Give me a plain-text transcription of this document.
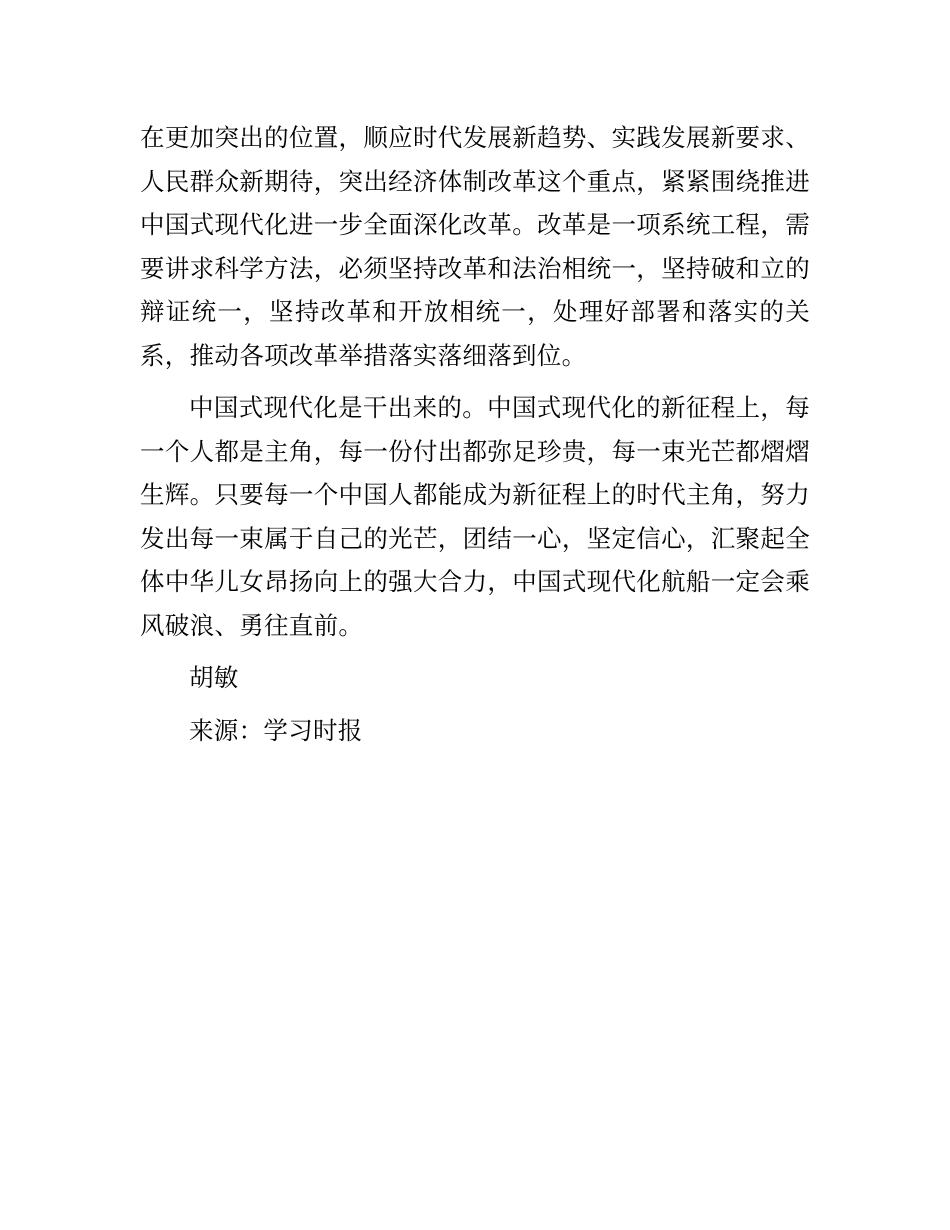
在更加突出的位置，顺应时代发展新趋势、实践发展新要求、
人民群众新期待，突出经济体制改革这个重点，紧紧围绕推进
中国式现代化进一步全面深化改革。改革是一项系统工程，需
要讲求科学方法，必须坚持改革和法治相统一，坚持破和立的
辩证统一，坚持改革和开放相统一，处理好部署和落实的关
系，推动各项改革举措落实落细落到位。
中国式现代化是干出来的。中国式现代化的新征程上，每
一个人都是主角，每一份付出都弥足珍贵，每一束光芒都熠熠
生辉。只要每一个中国人都能成为新征程上的时代主角，努力
发出每一束属于自己的光芒，团结一心，坚定信心，汇聚起全
体中华儿女昂扬向上的强大合力，中国式现代化航船一定会乘
风破浪、勇往直前。
胡敏
来源：学习时报
